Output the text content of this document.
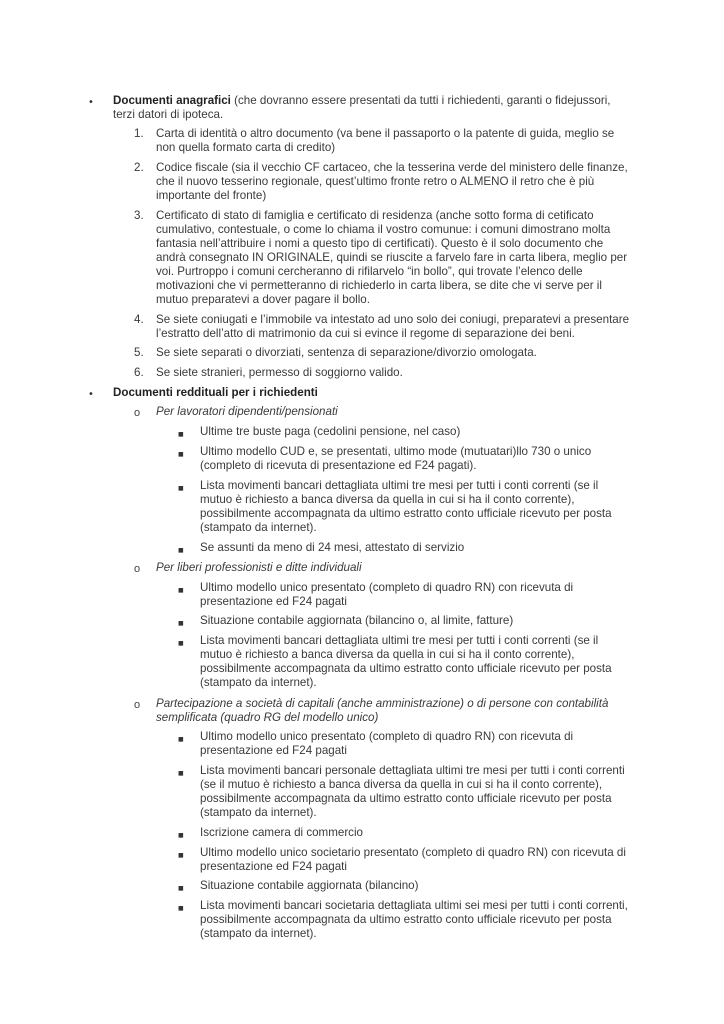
• Documenti anagrafici (che dovranno essere presentati da tutti i richiedenti, garanti o fidejussori,
terzi datori di ipoteca.
1. Carta di identità o altro documento (va bene il passaporto o la patente di guida, meglio se
non quella formato carta di credito)
2. Codice fiscale (sia il vecchio CF cartaceo, che la tesserina verde del ministero delle finanze,
che il nuovo tesserino regionale, quest’ultimo fronte retro o ALMENO il retro che è più
importante del fronte)
3. Certificato di stato di famiglia e certificato di residenza (anche sotto forma di cetificato
cumulativo, contestuale, o come lo chiama il vostro comunue: i comuni dimostrano molta
fantasia nell’attribuire i nomi a questo tipo di certificati). Questo è il solo documento che
andrà consegnato IN ORIGINALE, quindi se riuscite a farvelo fare in carta libera, meglio per
voi. Purtroppo i comuni cercheranno di rifilarvelo “in bollo”, qui trovate l’elenco delle
motivazioni che vi permetteranno di richiederlo in carta libera, se dite che vi serve per il
mutuo preparatevi a dover pagare il bollo.
4. Se siete coniugati e l’immobile va intestato ad uno solo dei coniugi, preparatevi a presentare
l’estratto dell’atto di matrimonio da cui si evince il regome di separazione dei beni.
5. Se siete separati o divorziati, sentenza di separazione/divorzio omologata.
6. Se siete stranieri, permesso di soggiorno valido.
• Documenti reddituali per i richiedenti
o Per lavoratori dipendenti/pensionati
■ Ultime tre buste paga (cedolini pensione, nel caso)
■ Ultimo modello CUD e, se presentati, ultimo mode (mutuatari)llo 730 o unico
(completo di ricevuta di presentazione ed F24 pagati).
■ Lista movimenti bancari dettagliata ultimi tre mesi per tutti i conti correnti (se il
mutuo è richiesto a banca diversa da quella in cui si ha il conto corrente),
possibilmente accompagnata da ultimo estratto conto ufficiale ricevuto per posta
(stampato da internet).
■ Se assunti da meno di 24 mesi, attestato di servizio
o Per liberi professionisti e ditte individuali
■ Ultimo modello unico presentato (completo di quadro RN) con ricevuta di
presentazione ed F24 pagati
■ Situazione contabile aggiornata (bilancino o, al limite, fatture)
■ Lista movimenti bancari dettagliata ultimi tre mesi per tutti i conti correnti (se il
mutuo è richiesto a banca diversa da quella in cui si ha il conto corrente),
possibilmente accompagnata da ultimo estratto conto ufficiale ricevuto per posta
(stampato da internet).
o Partecipazione a società di capitali (anche amministrazione) o di persone con contabilità
semplificata (quadro RG del modello unico)
■ Ultimo modello unico presentato (completo di quadro RN) con ricevuta di
presentazione ed F24 pagati
■ Lista movimenti bancari personale dettagliata ultimi tre mesi per tutti i conti correnti
(se il mutuo è richiesto a banca diversa da quella in cui si ha il conto corrente),
possibilmente accompagnata da ultimo estratto conto ufficiale ricevuto per posta
(stampato da internet).
■ Iscrizione camera di commercio
■ Ultimo modello unico societario presentato (completo di quadro RN) con ricevuta di
presentazione ed F24 pagati
■ Situazione contabile aggiornata (bilancino)
■ Lista movimenti bancari societaria dettagliata ultimi sei mesi per tutti i conti correnti,
possibilmente accompagnata da ultimo estratto conto ufficiale ricevuto per posta
(stampato da internet).
